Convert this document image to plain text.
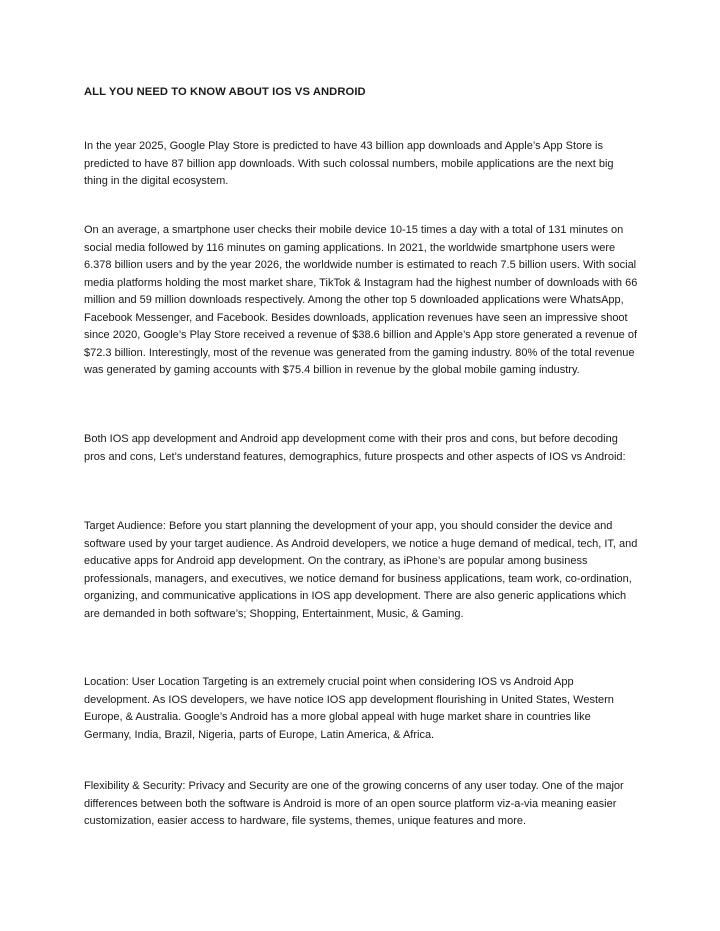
ALL YOU NEED TO KNOW ABOUT IOS VS ANDROID

In the year 2025, Google Play Store is predicted to have 43 billion app downloads and Apple’s App Store is predicted to have 87 billion app downloads. With such colossal numbers, mobile applications are the next big thing in the digital ecosystem.

On an average, a smartphone user checks their mobile device 10-15 times a day with a total of 131 minutes on social media followed by 116 minutes on gaming applications. In 2021, the worldwide smartphone users were 6.378 billion users and by the year 2026, the worldwide number is estimated to reach 7.5 billion users. With social media platforms holding the most market share, TikTok & Instagram had the highest number of downloads with 66 million and 59 million downloads respectively. Among the other top 5 downloaded applications were WhatsApp, Facebook Messenger, and Facebook. Besides downloads, application revenues have seen an impressive shoot since 2020, Google’s Play Store received a revenue of $38.6 billion and Apple’s App store generated a revenue of $72.3 billion. Interestingly, most of the revenue was generated from the gaming industry. 80% of the total revenue was generated by gaming accounts with $75.4 billion in revenue by the global mobile gaming industry.

Both IOS app development and Android app development come with their pros and cons, but before decoding pros and cons, Let’s understand features, demographics, future prospects and other aspects of IOS vs Android:

Target Audience: Before you start planning the development of your app, you should consider the device and software used by your target audience. As Android developers, we notice a huge demand of medical, tech, IT, and educative apps for Android app development. On the contrary, as iPhone’s are popular among business professionals, managers, and executives, we notice demand for business applications, team work, co-ordination, organizing, and communicative applications in IOS app development. There are also generic applications which are demanded in both software’s; Shopping, Entertainment, Music, & Gaming.

Location: User Location Targeting is an extremely crucial point when considering IOS vs Android App development. As IOS developers, we have notice IOS app development flourishing in United States, Western Europe, & Australia. Google’s Android has a more global appeal with huge market share in countries like Germany, India, Brazil, Nigeria, parts of Europe, Latin America, & Africa.

Flexibility & Security: Privacy and Security are one of the growing concerns of any user today. One of the major differences between both the software is Android is more of an open source platform viz-a-via meaning easier customization, easier access to hardware, file systems, themes, unique features and more.
